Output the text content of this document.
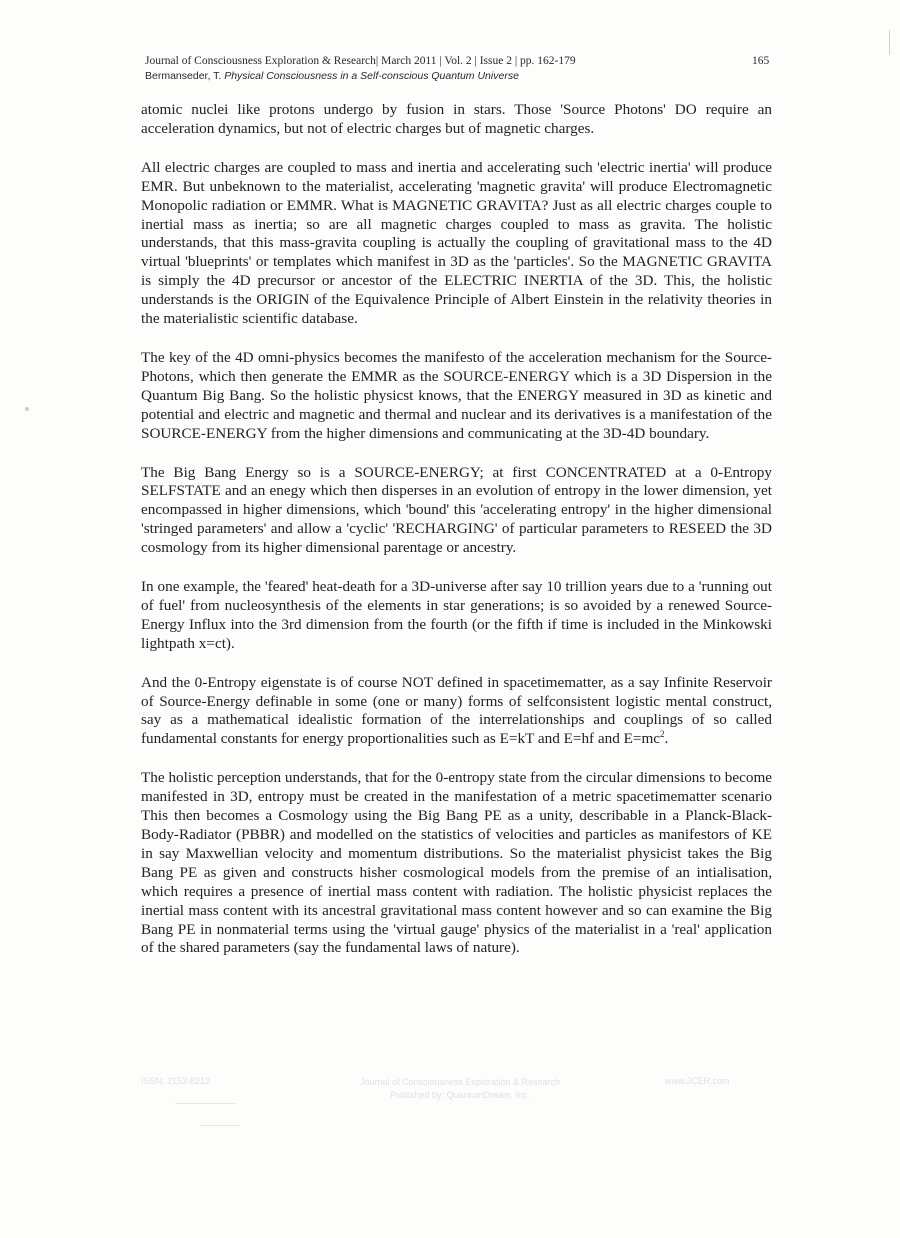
Journal of Consciousness Exploration & Research| March 2011 | Vol. 2 | Issue 2 | pp. 162-179
Bermanseder, T. Physical Consciousness in a Self-conscious Quantum Universe
165

atomic nuclei like protons undergo by fusion in stars. Those 'Source Photons' DO require an acceleration dynamics, but not of electric charges but of magnetic charges.

All electric charges are coupled to mass and inertia and accelerating such 'electric inertia' will produce EMR. But unbeknown to the materialist, accelerating 'magnetic gravita' will produce Electromagnetic Monopolic radiation or EMMR. What is MAGNETIC GRAVITA? Just as all electric charges couple to inertial mass as inertia; so are all magnetic charges coupled to mass as gravita. The holistic understands, that this mass-gravita coupling is actually the coupling of gravitational mass to the 4D virtual 'blueprints' or templates which manifest in 3D as the 'particles'. So the MAGNETIC GRAVITA is simply the 4D precursor or ancestor of the ELECTRIC INERTIA of the 3D. This, the holistic understands is the ORIGIN of the Equivalence Principle of Albert Einstein in the relativity theories in the materialistic scientific database.

The key of the 4D omni-physics becomes the manifesto of the acceleration mechanism for the Source-Photons, which then generate the EMMR as the SOURCE-ENERGY which is a 3D Dispersion in the Quantum Big Bang. So the holistic physicst knows, that the ENERGY measured in 3D as kinetic and potential and electric and magnetic and thermal and nuclear and its derivatives is a manifestation of the SOURCE-ENERGY from the higher dimensions and communicating at the 3D-4D boundary.

The Big Bang Energy so is a SOURCE-ENERGY; at first CONCENTRATED at a 0-Entropy SELFSTATE and an enegy which then disperses in an evolution of entropy in the lower dimension, yet encompassed in higher dimensions, which 'bound' this 'accelerating entropy' in the higher dimensional 'stringed parameters' and allow a 'cyclic' 'RECHARGING' of particular parameters to RESEED the 3D cosmology from its higher dimensional parentage or ancestry.

In one example, the 'feared' heat-death for a 3D-universe after say 10 trillion years due to a 'running out of fuel' from nucleosynthesis of the elements in star generations; is so avoided by a renewed Source-Energy Influx into the 3rd dimension from the fourth (or the fifth if time is included in the Minkowski lightpath x=ct).

And the 0-Entropy eigenstate is of course NOT defined in spacetimematter, as a say Infinite Reservoir of Source-Energy definable in some (one or many) forms of selfconsistent logistic mental construct, say as a mathematical idealistic formation of the interrelationships and couplings of so called fundamental constants for energy proportionalities such as E=kT and E=hf and $E=mc^2$.

The holistic perception understands, that for the 0-entropy state from the circular dimensions to become manifested in 3D, entropy must be created in the manifestation of a metric spacetimematter scenario This then becomes a Cosmology using the Big Bang PE as a unity, describable in a Planck-Black-Body-Radiator (PBBR) and modelled on the statistics of velocities and particles as manifestors of KE in say Maxwellian velocity and momentum distributions. So the materialist physicist takes the Big Bang PE as given and constructs hisher cosmological models from the premise of an intialisation, which requires a presence of inertial mass content with radiation. The holistic physicist replaces the inertial mass content with its ancestral gravitational mass content however and so can examine the Big Bang PE in nonmaterial terms using the 'virtual gauge' physics of the materialist in a 'real' application of the shared parameters (say the fundamental laws of nature).

ISSN: 2153-8212	Journal of Consciousness Exploration & Research
Published by: QuantumDream, Inc.
www.JCER.com
